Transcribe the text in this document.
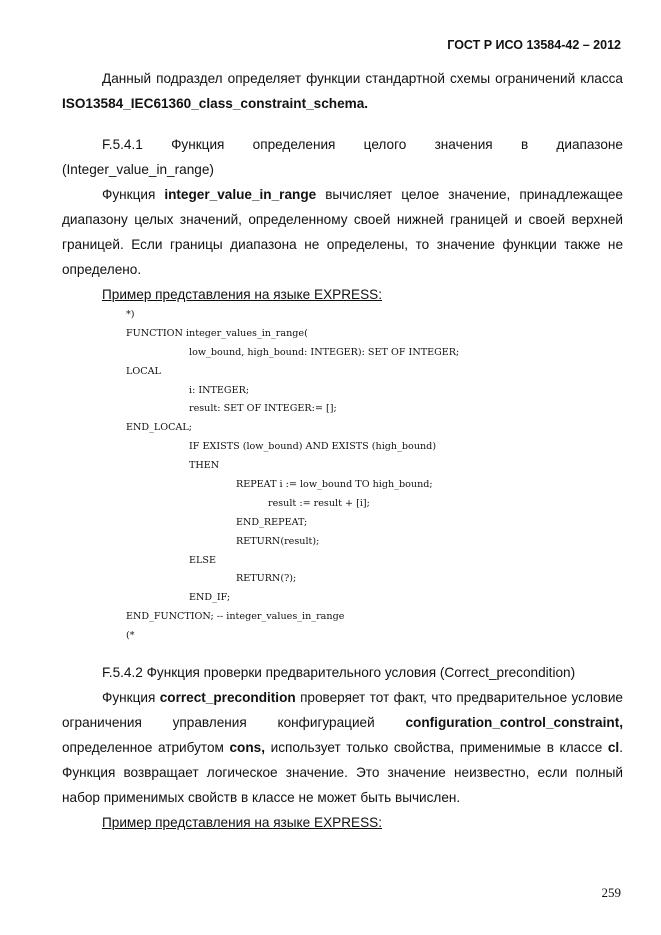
ГОСТ Р ИСО 13584-42 – 2012

Данный подраздел определяет функции стандартной схемы ограничений класса ISO13584_IEC61360_class_constraint_schema.

F.5.4.1 Функция определения целого значения в диапазоне

(Integer_value_in_range)

Функция integer_value_in_range вычисляет целое значение, принадлежащее диапазону целых значений, определенному своей нижней границей и своей верхней границей. Если границы диапазона не определены, то значение функции также не определено.

Пример представления на языке EXPRESS:

*)
FUNCTION integer_values_in_range(
low_bound, high_bound: INTEGER): SET OF INTEGER;
LOCAL
i: INTEGER;
result: SET OF INTEGER:= [];
END_LOCAL;
IF EXISTS (low_bound) AND EXISTS (high_bound)
THEN
REPEAT i := low_bound TO high_bound;
result := result + [i];
END_REPEAT;
RETURN(result);
ELSE
RETURN(?);
END_IF;
END_FUNCTION; -- integer_values_in_range
(*

F.5.4.2 Функция проверки предварительного условия (Correct_precondition)

Функция correct_precondition проверяет тот факт, что предварительное условие ограничения управления конфигурацией configuration_control_constraint, определенное атрибутом cons, использует только свойства, применимые в классе cl. Функция возвращает логическое значение. Это значение неизвестно, если полный набор применимых свойств в классе не может быть вычислен.

Пример представления на языке EXPRESS:

259
